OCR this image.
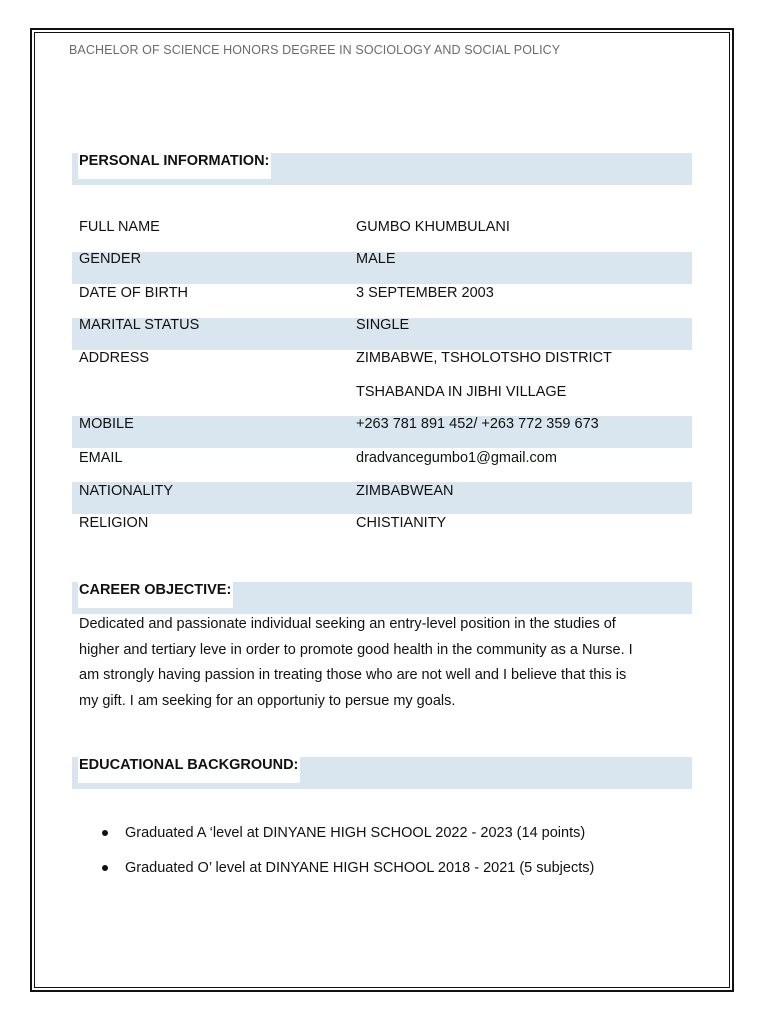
BACHELOR OF SCIENCE HONORS DEGREE IN SOCIOLOGY AND SOCIAL POLICY
PERSONAL INFORMATION:
FULL NAME	GUMBO KHUMBULANI
GENDER	MALE
DATE OF BIRTH	3 SEPTEMBER 2003
MARITAL STATUS	SINGLE
ADDRESS	ZIMBABWE, TSHOLOTSHO DISTRICT
TSHABANDA IN JIBHI VILLAGE
MOBILE	+263 781 891 452/ +263 772 359 673
EMAIL	dradvancegumbo1@gmail.com
NATIONALITY	ZIMBABWEAN
RELIGION	CHISTIANITY
CAREER OBJECTIVE:
Dedicated and passionate individual seeking an entry-level position in the studies of
higher and tertiary leve in order to promote good health in the community as a Nurse. I
am strongly having passion in treating those who are not well and I believe that this is
my gift. I am seeking for an opportuniy to persue my goals.
EDUCATIONAL BACKGROUND:
Graduated A ‘level at DINYANE HIGH SCHOOL 2022 - 2023 (14 points)
Graduated O’ level at DINYANE HIGH SCHOOL 2018 - 2021 (5 subjects)
